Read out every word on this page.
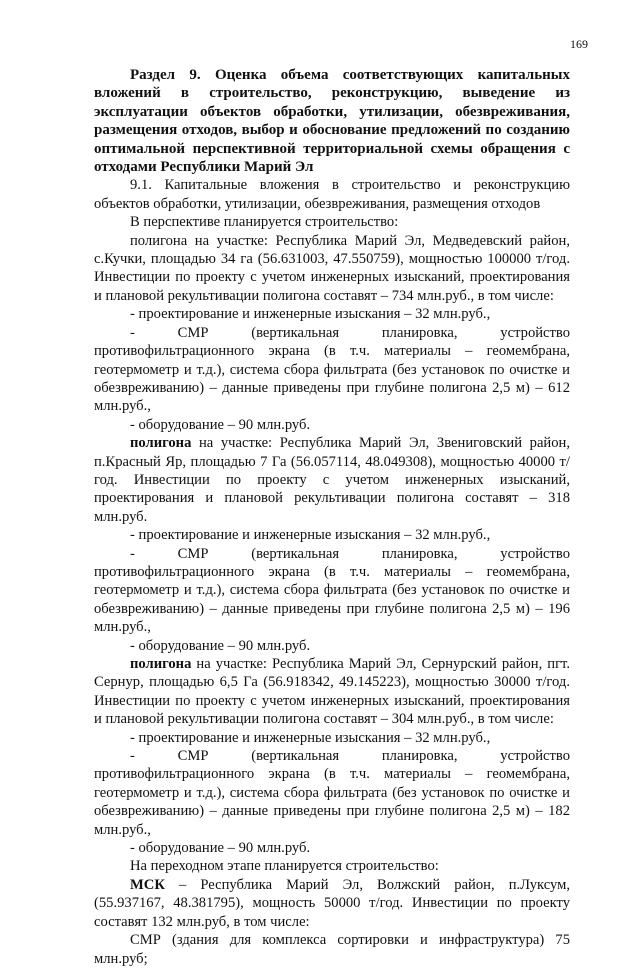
169

Раздел 9. Оценка объема соответствующих капитальных вложений в строительство, реконструкцию, выведение из эксплуатации объектов обработки, утилизации, обезвреживания, размещения отходов, выбор и обоснование предложений по созданию оптимальной перспективной территориальной схемы обращения с отходами Республики Марий Эл

9.1. Капитальные вложения в строительство и реконструкцию объектов обработки, утилизации, обезвреживания, размещения отходов

В перспективе планируется строительство:

полигона на участке: Республика Марий Эл, Медведевский район, с.Кучки, площадью 34 га (56.631003, 47.550759), мощностью 100000 т/год. Инвестиции по проекту с учетом инженерных изысканий, проектирования и плановой рекультивации полигона составят – 734 млн.руб., в том числе:

- проектирование и инженерные изыскания – 32 млн.руб.,

- СМР (вертикальная планировка, устройство противофильтрационного экрана (в т.ч. материалы – геомембрана, геотермометр и т.д.), система сбора фильтрата (без установок по очистке и обезвреживанию) – данные приведены при глубине полигона 2,5 м) – 612 млн.руб.,

- оборудование – 90 млн.руб.

полигона на участке: Республика Марий Эл, Звениговский район, п.Красный Яр, площадью 7 Га (56.057114, 48.049308), мощностью 40000 т/год. Инвестиции по проекту с учетом инженерных изысканий, проектирования и плановой рекультивации полигона составят – 318 млн.руб.

- проектирование и инженерные изыскания – 32 млн.руб.,

- СМР (вертикальная планировка, устройство противофильтрационного экрана (в т.ч. материалы – геомембрана, геотермометр и т.д.), система сбора фильтрата (без установок по очистке и обезвреживанию) – данные приведены при глубине полигона 2,5 м) – 196 млн.руб.,

- оборудование – 90 млн.руб.

полигона на участке: Республика Марий Эл, Сернурский район, пгт. Сернур, площадью 6,5 Га (56.918342, 49.145223), мощностью 30000 т/год. Инвестиции по проекту с учетом инженерных изысканий, проектирования и плановой рекультивации полигона составят – 304 млн.руб., в том числе:

- проектирование и инженерные изыскания – 32 млн.руб.,

- СМР (вертикальная планировка, устройство противофильтрационного экрана (в т.ч. материалы – геомембрана, геотермометр и т.д.), система сбора фильтрата (без установок по очистке и обезвреживанию) – данные приведены при глубине полигона 2,5 м) – 182 млн.руб.,

- оборудование – 90 млн.руб.

На переходном этапе планируется строительство:

МСК – Республика Марий Эл, Волжский район, п.Луксум, (55.937167, 48.381795), мощность 50000 т/год. Инвестиции по проекту составят 132 млн.руб, в том числе:

СМР (здания для комплекса сортировки и инфраструктура) 75 млн.руб;
